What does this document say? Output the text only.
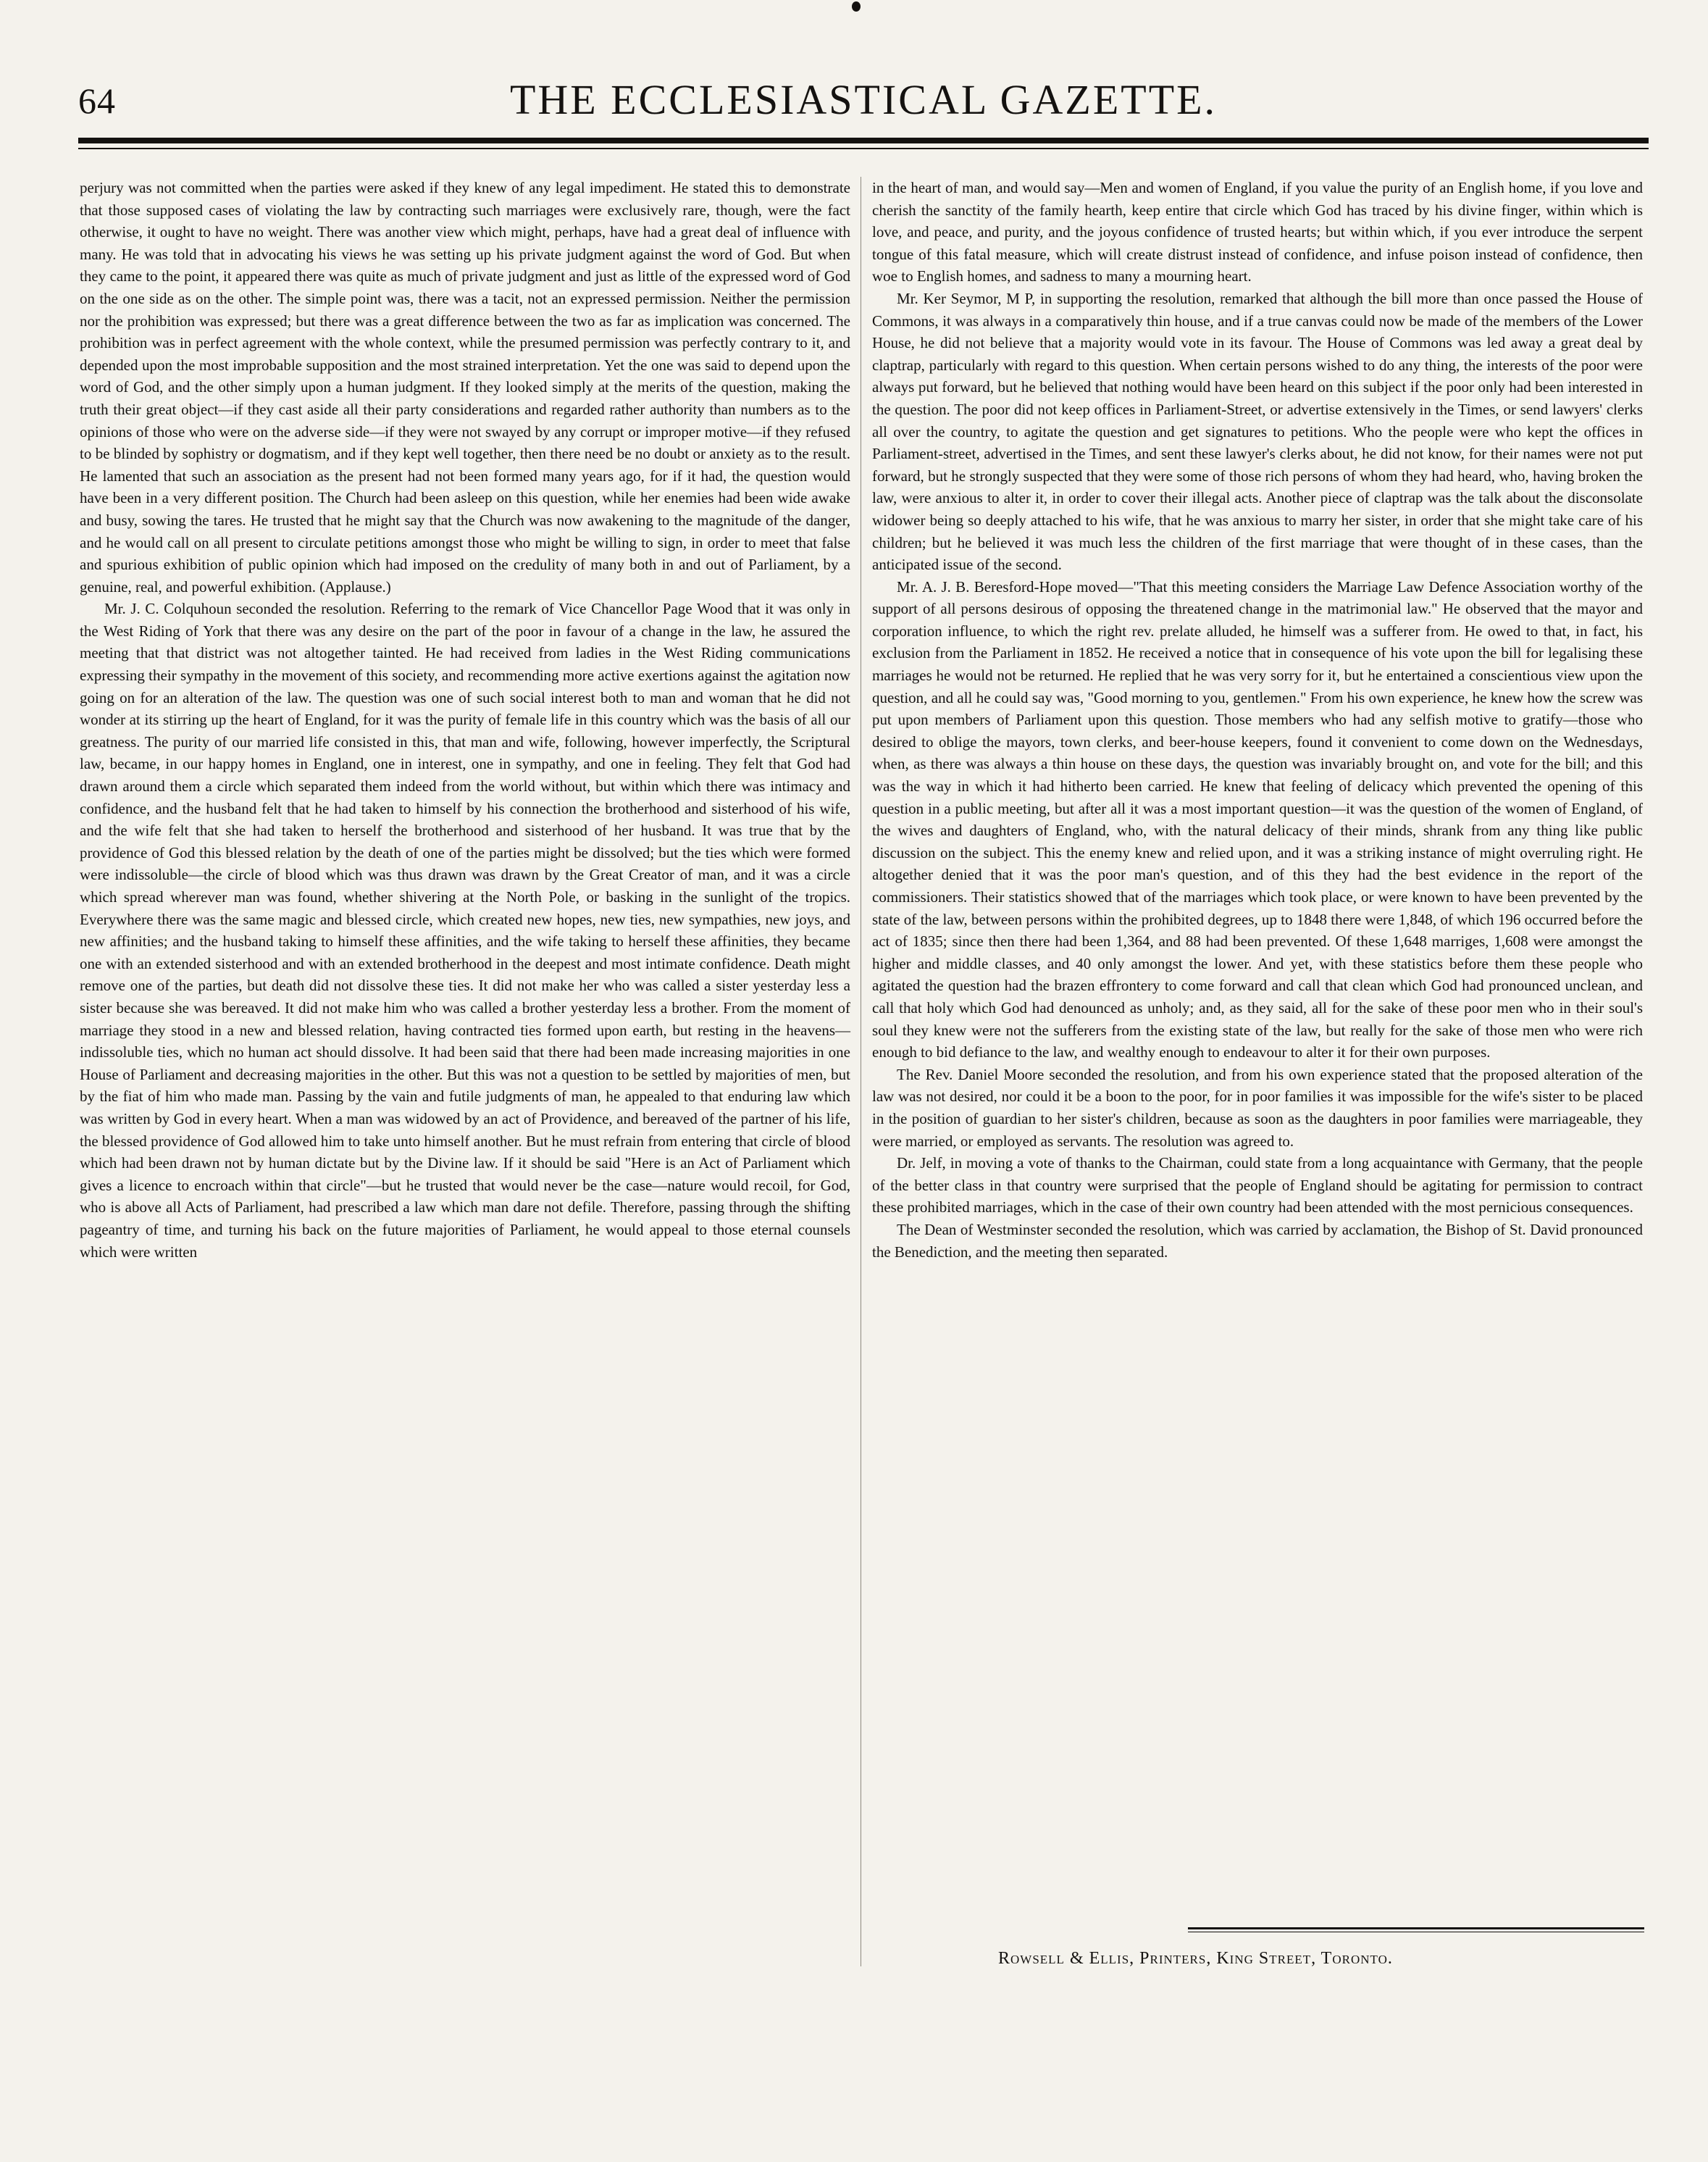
64	THE ECCLESIASTICAL GAZETTE.

perjury was not committed when the parties were asked if they knew of any legal impediment. He stated this to demonstrate that those supposed cases of violating the law by contracting such marriages were exclusively rare, though, were the fact otherwise, it ought to have no weight. There was another view which might, perhaps, have had a great deal of influence with many. He was told that in advocating his views he was setting up his private judgment against the word of God. But when they came to the point, it appeared there was quite as much of private judgment and just as little of the expressed word of God on the one side as on the other. The simple point was, there was a tacit, not an expressed permission. Neither the permission nor the prohibition was expressed; but there was a great difference between the two as far as implication was concerned. The prohibition was in perfect agreement with the whole context, while the presumed permission was perfectly contrary to it, and depended upon the most improbable supposition and the most strained interpretation. Yet the one was said to depend upon the word of God, and the other simply upon a human judgment. If they looked simply at the merits of the question, making the truth their great object—if they cast aside all their party considerations and regarded rather authority than numbers as to the opinions of those who were on the adverse side—if they were not swayed by any corrupt or improper motive—if they refused to be blinded by sophistry or dogmatism, and if they kept well together, then there need be no doubt or anxiety as to the result. He lamented that such an association as the present had not been formed many years ago, for if it had, the question would have been in a very different position. The Church had been asleep on this question, while her enemies had been wide awake and busy, sowing the tares. He trusted that he might say that the Church was now awakening to the magnitude of the danger, and he would call on all present to circulate petitions amongst those who might be willing to sign, in order to meet that false and spurious exhibition of public opinion which had imposed on the credulity of many both in and out of Parliament, by a genuine, real, and powerful exhibition. (Applause.)

Mr. J. C. Colquhoun seconded the resolution. Referring to the remark of Vice Chancellor Page Wood that it was only in the West Riding of York that there was any desire on the part of the poor in favour of a change in the law, he assured the meeting that that district was not altogether tainted. He had received from ladies in the West Riding communications expressing their sympathy in the movement of this society, and recommending more active exertions against the agitation now going on for an alteration of the law. The question was one of such social interest both to man and woman that he did not wonder at its stirring up the heart of England, for it was the purity of female life in this country which was the basis of all our greatness. The purity of our married life consisted in this, that man and wife, following, however imperfectly, the Scriptural law, became, in our happy homes in England, one in interest, one in sympathy, and one in feeling. They felt that God had drawn around them a circle which separated them indeed from the world without, but within which there was intimacy and confidence, and the husband felt that he had taken to himself by his connection the brotherhood and sisterhood of his wife, and the wife felt that she had taken to herself the brotherhood and sisterhood of her husband. It was true that by the providence of God this blessed relation by the death of one of the parties might be dissolved; but the ties which were formed were indissoluble—the circle of blood which was thus drawn was drawn by the Great Creator of man, and it was a circle which spread wherever man was found, whether shivering at the North Pole, or basking in the sunlight of the tropics. Everywhere there was the same magic and blessed circle, which created new hopes, new ties, new sympathies, new joys, and new affinities; and the husband taking to himself these affinities, and the wife taking to herself these affinities, they became one with an extended sisterhood and with an extended brotherhood in the deepest and most intimate confidence. Death might remove one of the parties, but death did not dissolve these ties. It did not make her who was called a sister yesterday less a sister because she was bereaved. It did not make him who was called a brother yesterday less a brother. From the moment of marriage they stood in a new and blessed relation, having contracted ties formed upon earth, but resting in the heavens—indissoluble ties, which no human act should dissolve. It had been said that there had been made increasing majorities in one House of Parliament and decreasing majorities in the other. But this was not a question to be settled by majorities of men, but by the fiat of him who made man. Passing by the vain and futile judgments of man, he appealed to that enduring law which was written by God in every heart. When a man was widowed by an act of Providence, and bereaved of the partner of his life, the blessed providence of God allowed him to take unto himself another. But he must refrain from entering that circle of blood which had been drawn not by human dictate but by the Divine law. If it should be said "Here is an Act of Parliament which gives a licence to encroach within that circle"—but he trusted that would never be the case—nature would recoil, for God, who is above all Acts of Parliament, had prescribed a law which man dare not defile. Therefore, passing through the shifting pageantry of time, and turning his back on the future majorities of Parliament, he would appeal to those eternal counsels which were written

in the heart of man, and would say—Men and women of England, if you value the purity of an English home, if you love and cherish the sanctity of the family hearth, keep entire that circle which God has traced by his divine finger, within which is love, and peace, and purity, and the joyous confidence of trusted hearts; but within which, if you ever introduce the serpent tongue of this fatal measure, which will create distrust instead of confidence, and infuse poison instead of confidence, then woe to English homes, and sadness to many a mourning heart.

Mr. Ker Seymor, M P, in supporting the resolution, remarked that although the bill more than once passed the House of Commons, it was always in a comparatively thin house, and if a true canvas could now be made of the members of the Lower House, he did not believe that a majority would vote in its favour. The House of Commons was led away a great deal by claptrap, particularly with regard to this question. When certain persons wished to do any thing, the interests of the poor were always put forward, but he believed that nothing would have been heard on this subject if the poor only had been interested in the question. The poor did not keep offices in Parliament-Street, or advertise extensively in the Times, or send lawyers' clerks all over the country, to agitate the question and get signatures to petitions. Who the people were who kept the offices in Parliament-street, advertised in the Times, and sent these lawyer's clerks about, he did not know, for their names were not put forward, but he strongly suspected that they were some of those rich persons of whom they had heard, who, having broken the law, were anxious to alter it, in order to cover their illegal acts. Another piece of claptrap was the talk about the disconsolate widower being so deeply attached to his wife, that he was anxious to marry her sister, in order that she might take care of his children; but he believed it was much less the children of the first marriage that were thought of in these cases, than the anticipated issue of the second.

Mr. A. J. B. Beresford-Hope moved—"That this meeting considers the Marriage Law Defence Association worthy of the support of all persons desirous of opposing the threatened change in the matrimonial law." He observed that the mayor and corporation influence, to which the right rev. prelate alluded, he himself was a sufferer from. He owed to that, in fact, his exclusion from the Parliament in 1852. He received a notice that in consequence of his vote upon the bill for legalising these marriages he would not be returned. He replied that he was very sorry for it, but he entertained a conscientious view upon the question, and all he could say was, "Good morning to you, gentlemen." From his own experience, he knew how the screw was put upon members of Parliament upon this question. Those members who had any selfish motive to gratify—those who desired to oblige the mayors, town clerks, and beer-house keepers, found it convenient to come down on the Wednesdays, when, as there was always a thin house on these days, the question was invariably brought on, and vote for the bill; and this was the way in which it had hitherto been carried. He knew that feeling of delicacy which prevented the opening of this question in a public meeting, but after all it was a most important question—it was the question of the women of England, of the wives and daughters of England, who, with the natural delicacy of their minds, shrank from any thing like public discussion on the subject. This the enemy knew and relied upon, and it was a striking instance of might overruling right. He altogether denied that it was the poor man's question, and of this they had the best evidence in the report of the commissioners. Their statistics showed that of the marriages which took place, or were known to have been prevented by the state of the law, between persons within the prohibited degrees, up to 1848 there were 1,848, of which 196 occurred before the act of 1835; since then there had been 1,364, and 88 had been prevented. Of these 1,648 marriges, 1,608 were amongst the higher and middle classes, and 40 only amongst the lower. And yet, with these statistics before them these people who agitated the question had the brazen effrontery to come forward and call that clean which God had pronounced unclean, and call that holy which God had denounced as unholy; and, as they said, all for the sake of these poor men who in their soul's soul they knew were not the sufferers from the existing state of the law, but really for the sake of those men who were rich enough to bid defiance to the law, and wealthy enough to endeavour to alter it for their own purposes.

The Rev. Daniel Moore seconded the resolution, and from his own experience stated that the proposed alteration of the law was not desired, nor could it be a boon to the poor, for in poor families it was impossible for the wife's sister to be placed in the position of guardian to her sister's children, because as soon as the daughters in poor families were marriageable, they were married, or employed as servants. The resolution was agreed to.

Dr. Jelf, in moving a vote of thanks to the Chairman, could state from a long acquaintance with Germany, that the people of the better class in that country were surprised that the people of England should be agitating for permission to contract these prohibited marriages, which in the case of their own country had been attended with the most pernicious consequences.

The Dean of Westminster seconded the resolution, which was carried by acclamation, the Bishop of St. David pronounced the Benediction, and the meeting then separated.

Rowsell & Ellis, Printers, King Street, Toronto.
